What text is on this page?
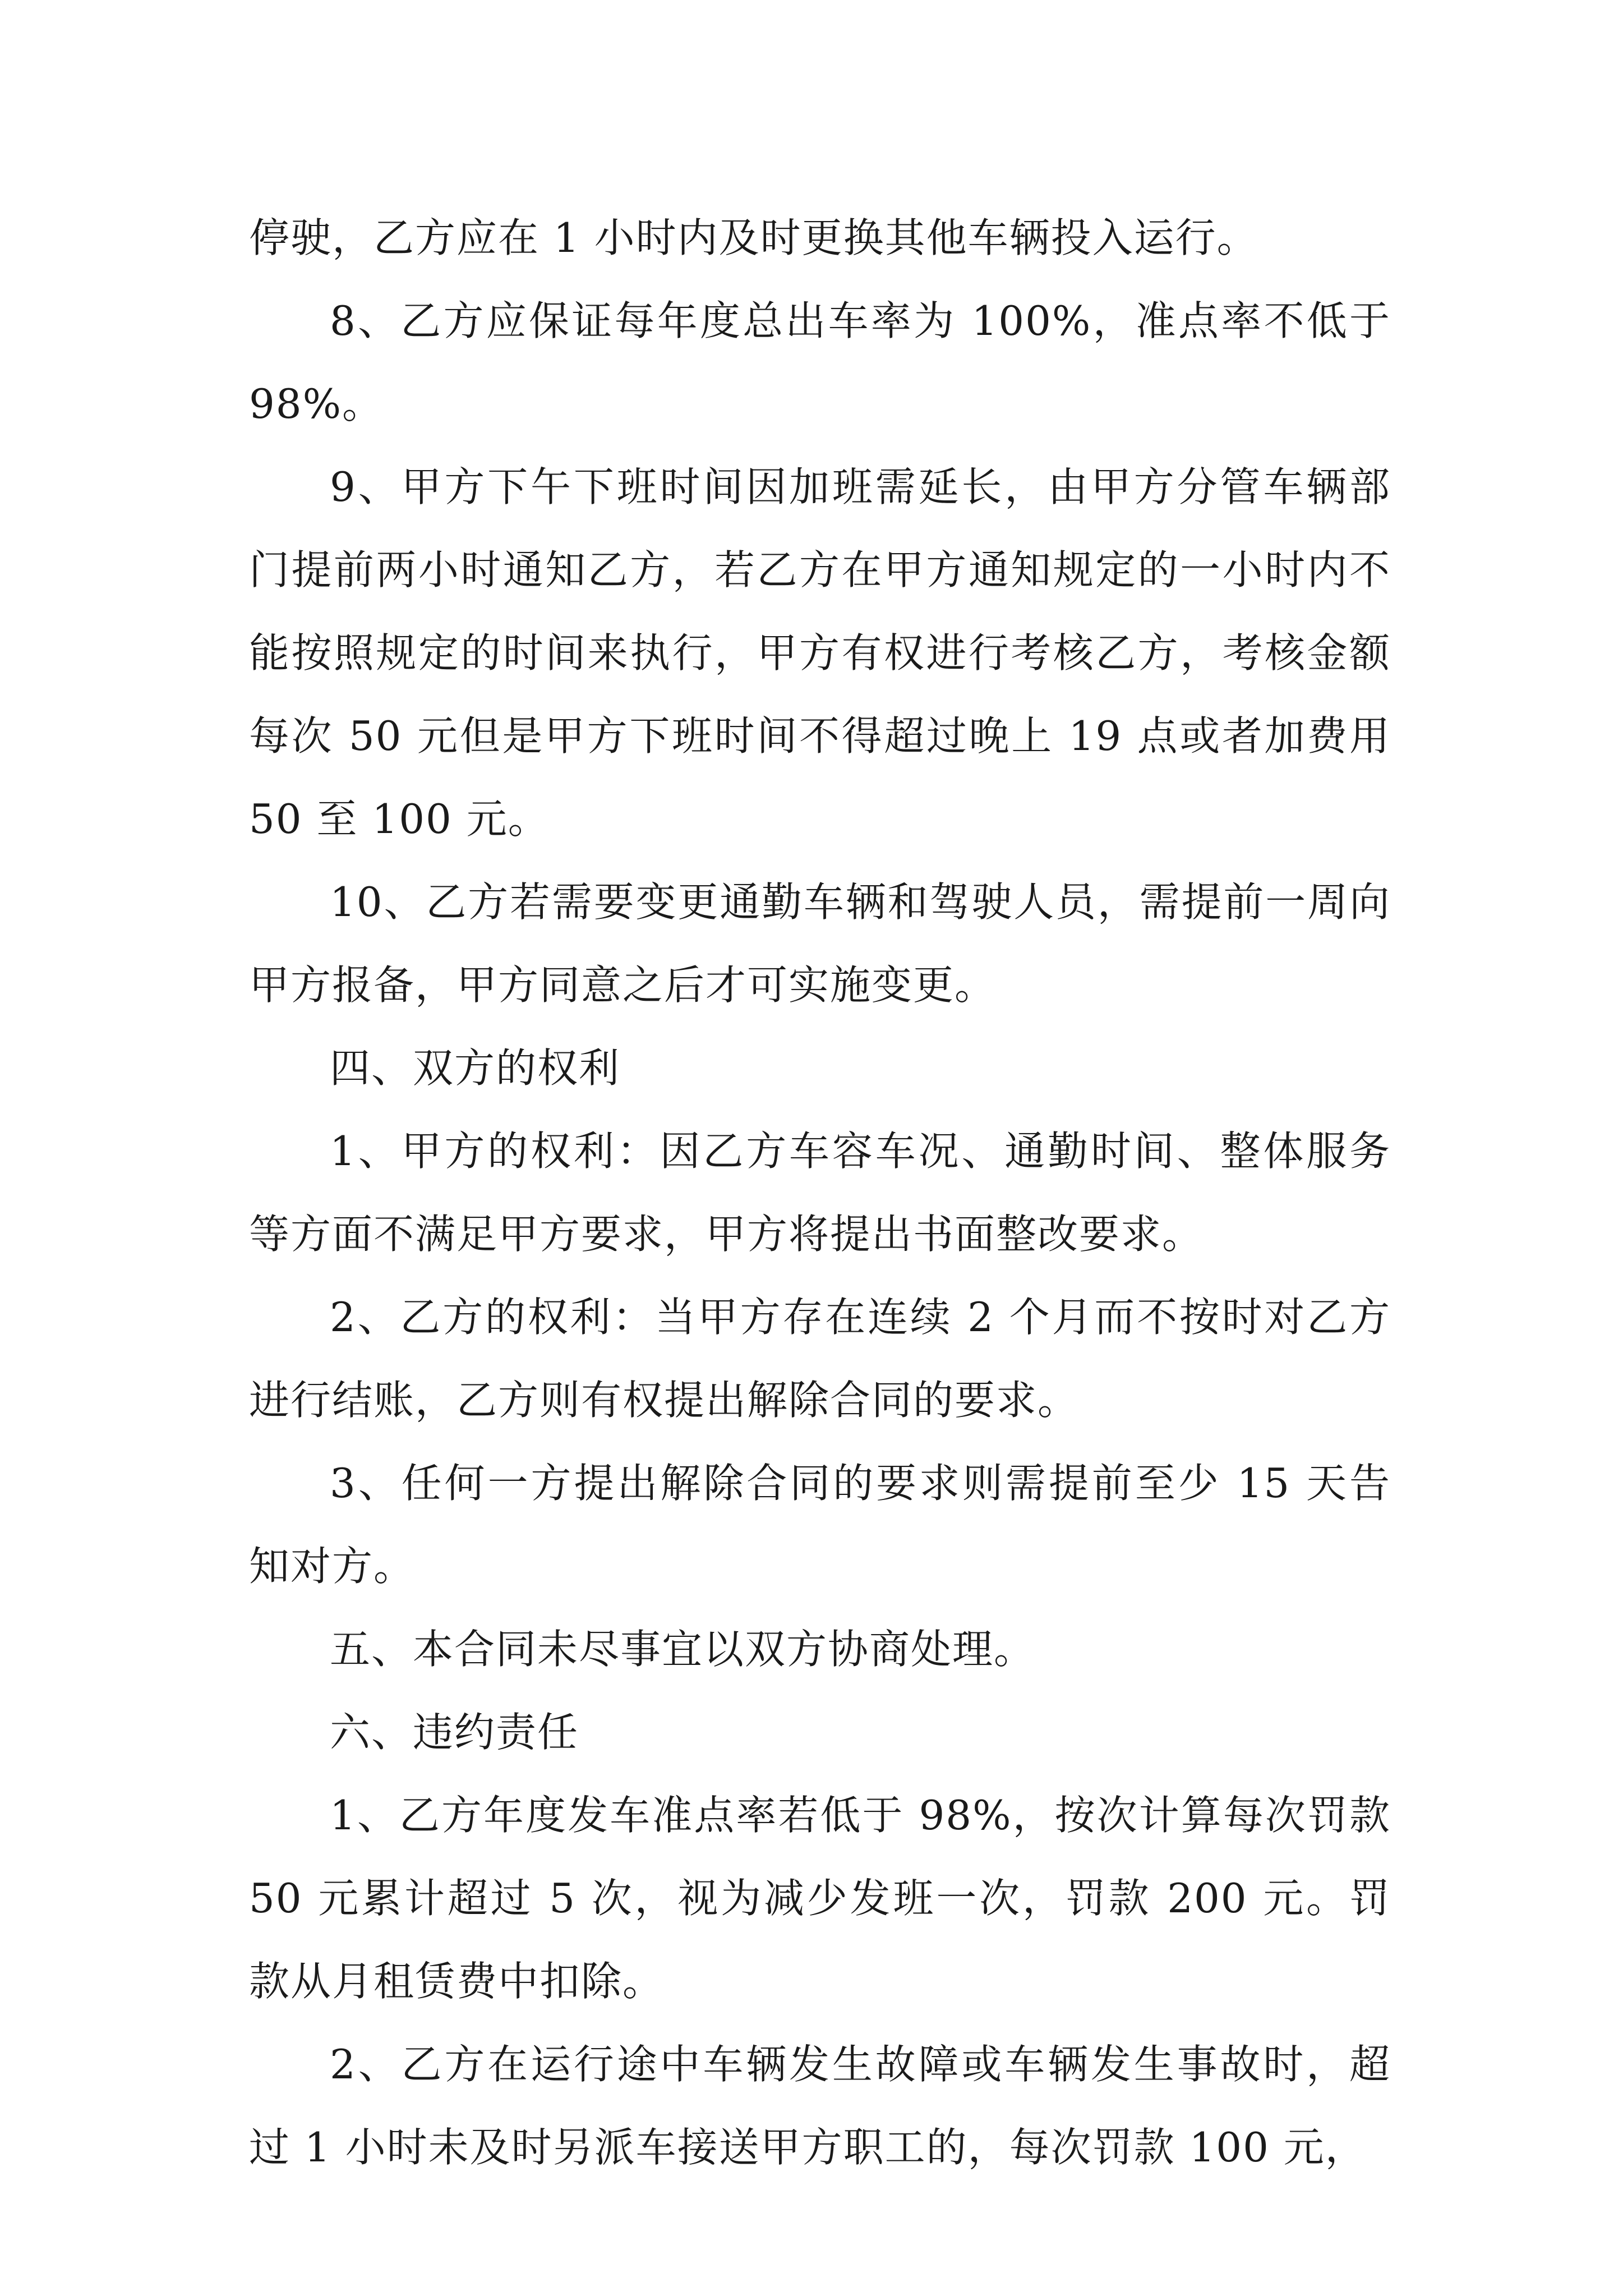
停驶，乙方应在 1 小时内及时更换其他车辆投入运行。

8、乙方应保证每年度总出车率为 100%，准点率不低于 98%。

9、甲方下午下班时间因加班需延长，由甲方分管车辆部门提前两小时通知乙方，若乙方在甲方通知规定的一小时内不能按照规定的时间来执行，甲方有权进行考核乙方，考核金额每次 50 元但是甲方下班时间不得超过晚上 19 点或者加费用 50 至 100 元。

10、乙方若需要变更通勤车辆和驾驶人员，需提前一周向甲方报备，甲方同意之后才可实施变更。

四、双方的权利

1、甲方的权利：因乙方车容车况、通勤时间、整体服务等方面不满足甲方要求，甲方将提出书面整改要求。

2、乙方的权利：当甲方存在连续 2 个月而不按时对乙方进行结账，乙方则有权提出解除合同的要求。

3、任何一方提出解除合同的要求则需提前至少 15 天告知对方。

五、本合同未尽事宜以双方协商处理。

六、违约责任

1、乙方年度发车准点率若低于 98%，按次计算每次罚款 50 元累计超过 5 次，视为减少发班一次，罚款 200 元。罚款从月租赁费中扣除。

2、乙方在运行途中车辆发生故障或车辆发生事故时，超过 1 小时未及时另派车接送甲方职工的，每次罚款 100 元，
